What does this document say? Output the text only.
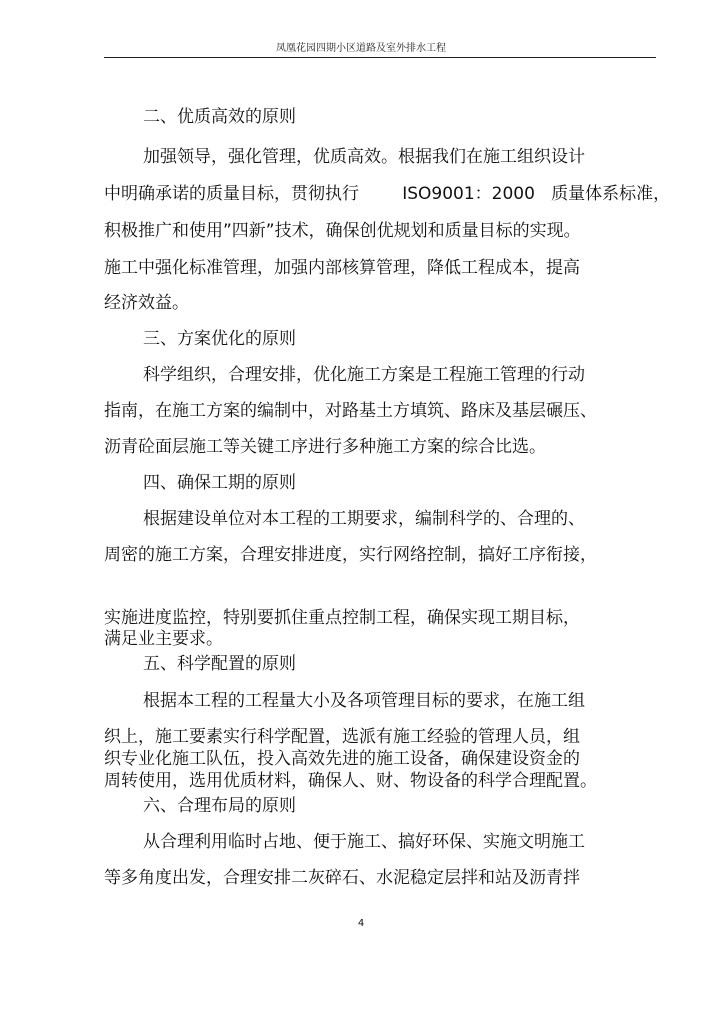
凤凰花园四期小区道路及室外排水工程
二、优质高效的原则
加强领导，强化管理，优质高效。根据我们在施工组织设计
中明确承诺的质量目标，贯彻执行        ISO9001：2000   质量体系标准，
积极推广和使用”四新”技术，确保创优规划和质量目标的实现。
施工中强化标准管理，加强内部核算管理，降低工程成本，提高
经济效益。
三、方案优化的原则
科学组织，合理安排，优化施工方案是工程施工管理的行动
指南，在施工方案的编制中，对路基土方填筑、路床及基层碾压、
沥青砼面层施工等关键工序进行多种施工方案的综合比选。
四、确保工期的原则
根据建设单位对本工程的工期要求，编制科学的、合理的、
周密的施工方案，合理安排进度，实行网络控制，搞好工序衔接，
实施进度监控，特别要抓住重点控制工程，确保实现工期目标，
满足业主要求。
五、科学配置的原则
根据本工程的工程量大小及各项管理目标的要求，在施工组
织上，施工要素实行科学配置，选派有施工经验的管理人员，组
织专业化施工队伍，投入高效先进的施工设备，确保建设资金的
周转使用，选用优质材料，确保人、财、物设备的科学合理配置。
六、合理布局的原则
从合理利用临时占地、便于施工、搞好环保、实施文明施工
等多角度出发，合理安排二灰碎石、水泥稳定层拌和站及沥青拌
4
